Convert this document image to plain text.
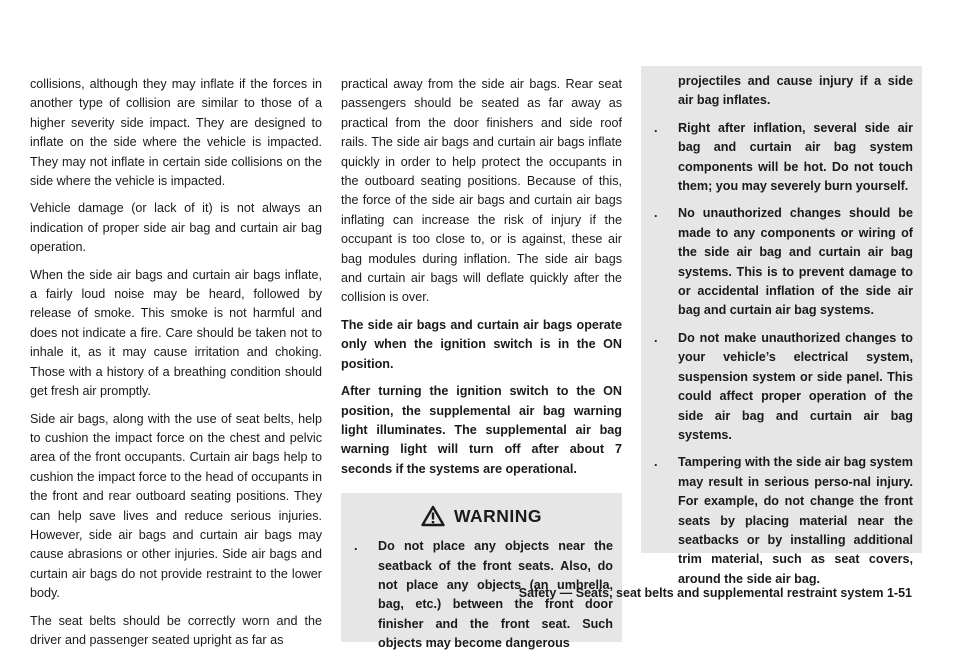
collisions, although they may inflate if the forces in another type of collision are similar to those of a higher severity side impact. They are designed to inflate on the side where the vehicle is impacted. They may not inflate in certain side collisions on the side where the vehicle is impacted.

Vehicle damage (or lack of it) is not always an indication of proper side air bag and curtain air bag operation.

When the side air bags and curtain air bags inflate, a fairly loud noise may be heard, followed by release of smoke. This smoke is not harmful and does not indicate a fire. Care should be taken not to inhale it, as it may cause irritation and choking. Those with a history of a breathing condition should get fresh air promptly.

Side air bags, along with the use of seat belts, help to cushion the impact force on the chest and pelvic area of the front occupants. Curtain air bags help to cushion the impact force to the head of occupants in the front and rear outboard seating positions. They can help save lives and reduce serious injuries. However, side air bags and curtain air bags may cause abrasions or other injuries. Side air bags and curtain air bags do not provide restraint to the lower body.

The seat belts should be correctly worn and the driver and passenger seated upright as far as

practical away from the side air bags. Rear seat passengers should be seated as far away as practical from the door finishers and side roof rails. The side air bags and curtain air bags inflate quickly in order to help protect the occupants in the outboard seating positions. Because of this, the force of the side air bags and curtain air bags inflating can increase the risk of injury if the occupant is too close to, or is against, these air bag modules during inflation. The side air bags and curtain air bags will deflate quickly after the collision is over.

The side air bags and curtain air bags operate only when the ignition switch is in the ON position.

After turning the ignition switch to the ON position, the supplemental air bag warning light illuminates. The supplemental air bag warning light will turn off after about 7 seconds if the systems are operational.

WARNING
. Do not place any objects near the seatback of the front seats. Also, do not place any objects (an umbrella, bag, etc.) between the front door finisher and the front seat. Such objects may become dangerous
projectiles and cause injury if a side air bag inflates.
. Right after inflation, several side air bag and curtain air bag system components will be hot. Do not touch them; you may severely burn yourself.
. No unauthorized changes should be made to any components or wiring of the side air bag and curtain air bag systems. This is to prevent damage to or accidental inflation of the side air bag and curtain air bag systems.
. Do not make unauthorized changes to your vehicle’s electrical system, suspension system or side panel. This could affect proper operation of the side air bag and curtain air bag systems.
. Tampering with the side air bag system may result in serious perso-nal injury. For example, do not change the front seats by placing material near the seatbacks or by installing additional trim material, such as seat covers, around the side air bag.
Safety — Seats, seat belts and supplemental restraint system 1-51
